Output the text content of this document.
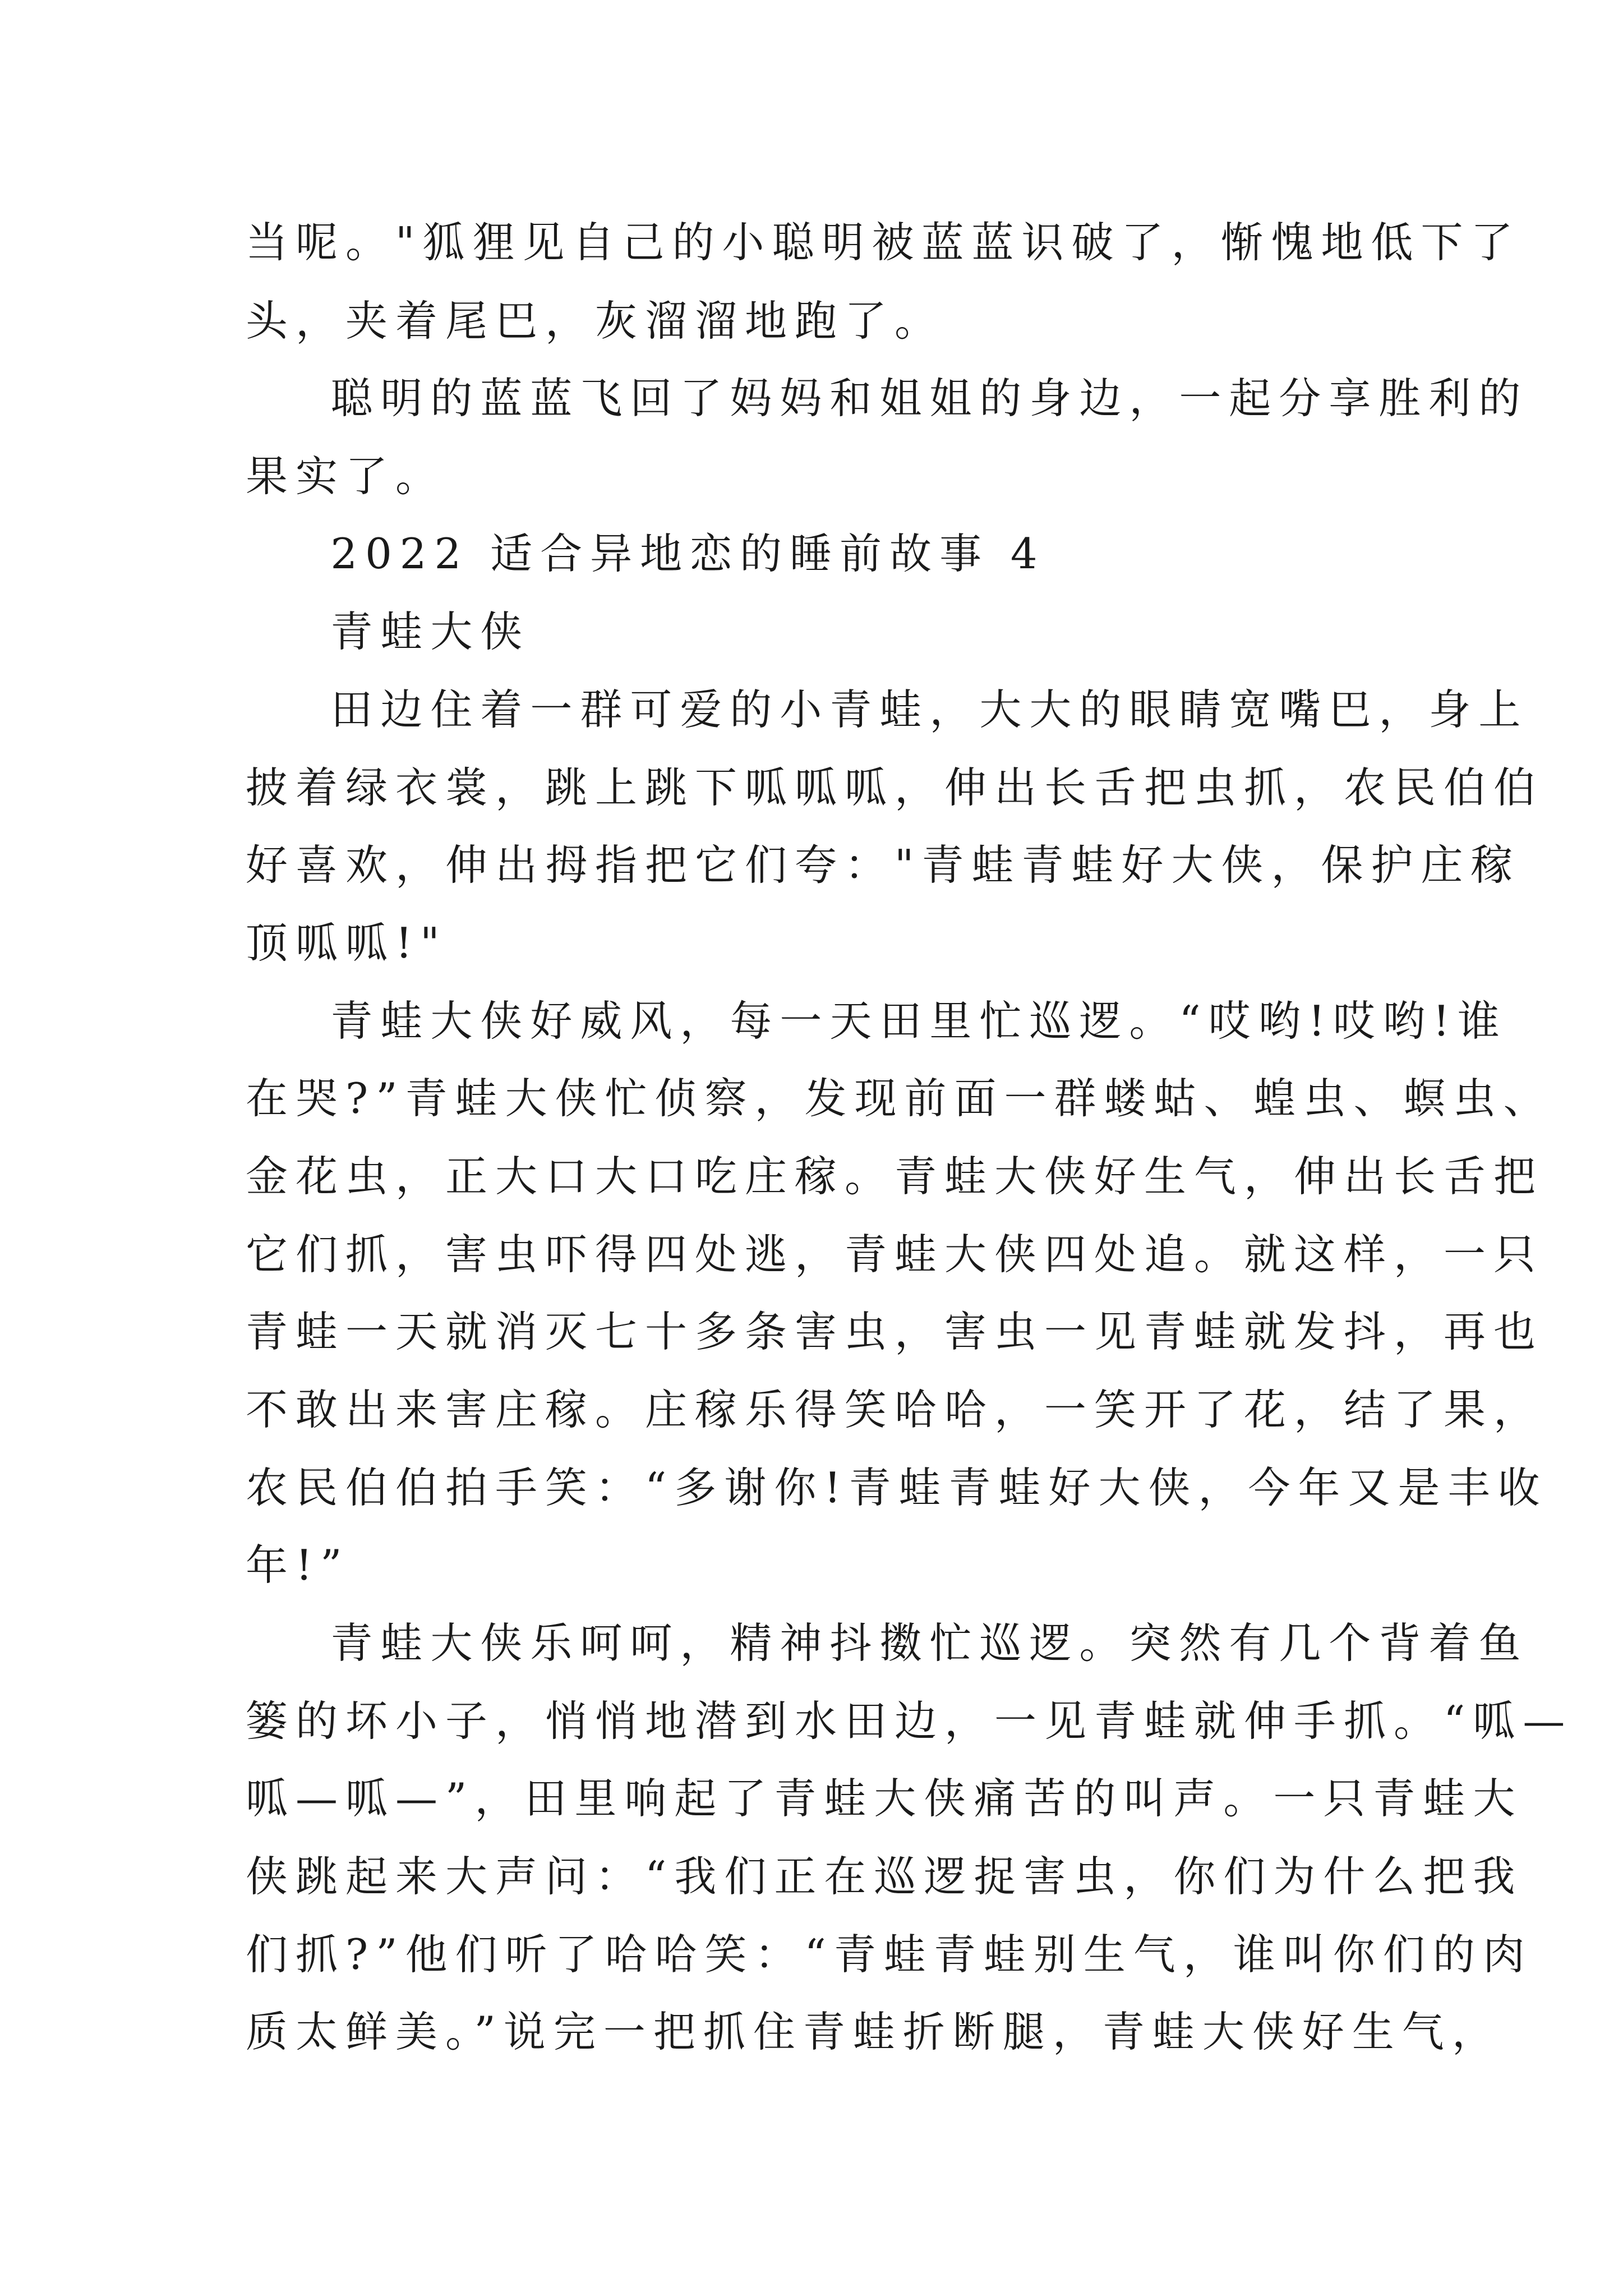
当呢。"狐狸见自己的小聪明被蓝蓝识破了，惭愧地低下了
头，夹着尾巴，灰溜溜地跑了。
聪明的蓝蓝飞回了妈妈和姐姐的身边，一起分享胜利的
果实了。
2022 适合异地恋的睡前故事 4
青蛙大侠
田边住着一群可爱的小青蛙，大大的眼睛宽嘴巴，身上
披着绿衣裳，跳上跳下呱呱呱，伸出长舌把虫抓，农民伯伯
好喜欢，伸出拇指把它们夸："青蛙青蛙好大侠，保护庄稼
顶呱呱!"
青蛙大侠好威风，每一天田里忙巡逻。“哎哟!哎哟!谁
在哭?”青蛙大侠忙侦察，发现前面一群蝼蛄、蝗虫、螟虫、
金花虫，正大口大口吃庄稼。青蛙大侠好生气，伸出长舌把
它们抓，害虫吓得四处逃，青蛙大侠四处追。就这样，一只
青蛙一天就消灭七十多条害虫，害虫一见青蛙就发抖，再也
不敢出来害庄稼。庄稼乐得笑哈哈，一笑开了花，结了果，
农民伯伯拍手笑：“多谢你!青蛙青蛙好大侠，今年又是丰收
年!”
青蛙大侠乐呵呵，精神抖擞忙巡逻。突然有几个背着鱼
篓的坏小子，悄悄地潜到水田边，一见青蛙就伸手抓。“呱—
呱—呱—”，田里响起了青蛙大侠痛苦的叫声。一只青蛙大
侠跳起来大声问：“我们正在巡逻捉害虫，你们为什么把我
们抓?”他们听了哈哈笑：“青蛙青蛙别生气，谁叫你们的肉
质太鲜美。”说完一把抓住青蛙折断腿，青蛙大侠好生气，
